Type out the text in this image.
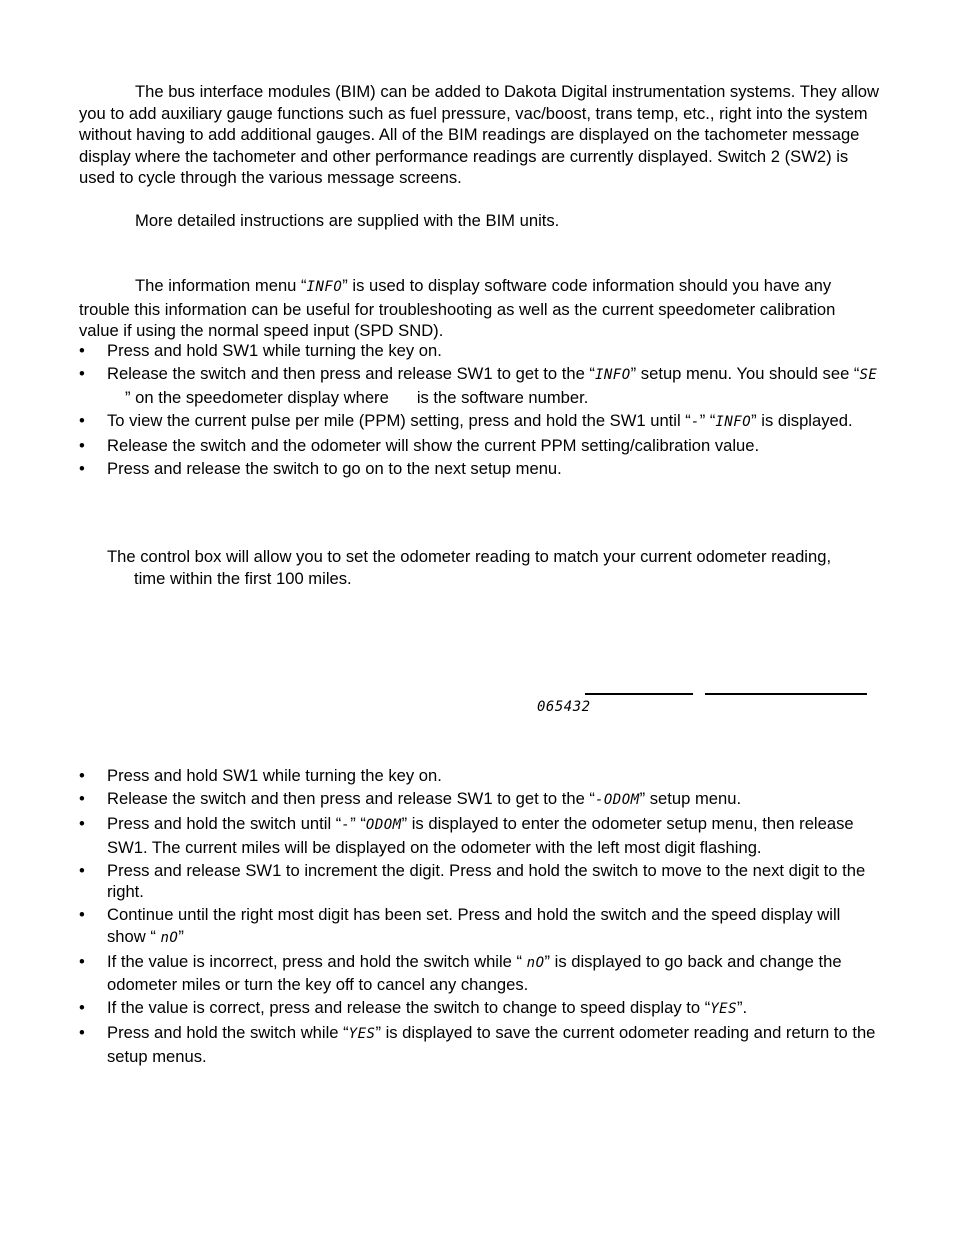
The bus interface modules (BIM) can be added to Dakota Digital instrumentation systems. They allow you to add auxiliary gauge functions such as fuel pressure, vac/boost, trans temp, etc., right into the system without having to add additional gauges. All of the BIM readings are displayed on the tachometer message display where the tachometer and other performance readings are currently displayed. Switch 2 (SW2) is used to cycle through the various message screens.

More detailed instructions are supplied with the BIM units.

The information menu “INFO” is used to display software code information should you have any trouble this information can be useful for troubleshooting as well as the current speedometer calibration value if using the normal speed input (SPD SND).

•	Press and hold SW1 while turning the key on.
•	Release the switch and then press and release SW1 to get to the “INFO” setup menu. You should see “SE” on the speedometer display where is the software number.
•	To view the current pulse per mile (PPM) setting, press and hold the SW1 until “-” “INFO” is displayed.
•	Release the switch and the odometer will show the current PPM setting/calibration value.
•	Press and release the switch to go on to the next setup menu.

The control box will allow you to set the odometer reading to match your current odometer reading,time within the first 100 miles.

065432
•	Press and hold SW1 while turning the key on.
•	Release the switch and then press and release SW1 to get to the “-ODOM” setup menu.
•	Press and hold the switch until “-” “ODOM” is displayed to enter the odometer setup menu, then release SW1. The current miles will be displayed on the odometer with the left most digit flashing.
•	Press and release SW1 to increment the digit. Press and hold the switch to move to the next digit to the right.
•	Continue until the right most digit has been set. Press and hold the switch and the speed display will show “ nO”
•	If the value is incorrect, press and hold the switch while “ nO” is displayed to go back and change the odometer miles or turn the key off to cancel any changes.
•	If the value is correct, press and release the switch to change to speed display to “YES”.
•	Press and hold the switch while “YES” is displayed to save the current odometer reading and return to the setup menus.
